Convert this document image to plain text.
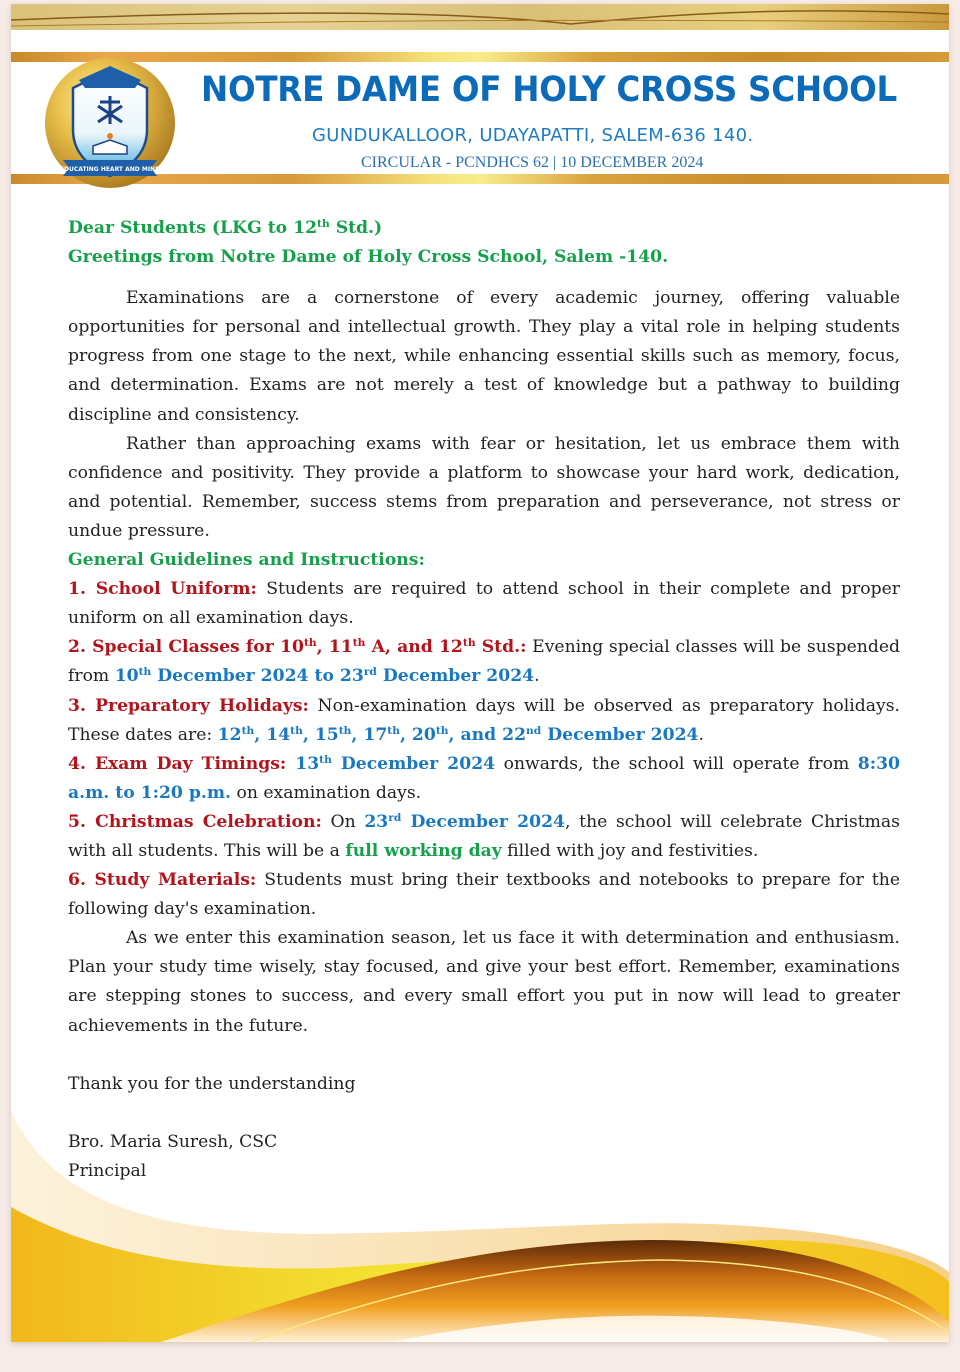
EDUCATING HEART AND MIND
NOTRE DAME OF HOLY CROSS SCHOOL
GUNDUKALLOOR, UDAYAPATTI, SALEM-636 140.
CIRCULAR - PCNDHCS 62 | 10 DECEMBER 2024

Dear Students (LKG to 12th Std.)

Greetings from Notre Dame of Holy Cross School, Salem -140.

Examinations are a cornerstone of every academic journey, offering valuable opportunities for personal and intellectual growth. They play a vital role in helping students progress from one stage to the next, while enhancing essential skills such as memory, focus, and determination. Exams are not merely a test of knowledge but a pathway to building discipline and consistency.

Rather than approaching exams with fear or hesitation, let us embrace them with confidence and positivity. They provide a platform to showcase your hard work, dedication, and potential. Remember, success stems from preparation and perseverance, not stress or undue pressure.

General Guidelines and Instructions:

1. School Uniform: Students are required to attend school in their complete and proper uniform on all examination days.

2. Special Classes for 10th, 11th A, and 12th Std.: Evening special classes will be suspended from 10th December 2024 to 23rd December 2024.

3. Preparatory Holidays: Non-examination days will be observed as preparatory holidays. These dates are: 12th, 14th, 15th, 17th, 20th, and 22nd December 2024.

4. Exam Day Timings: 13th December 2024 onwards, the school will operate from 8:30 a.m. to 1:20 p.m. on examination days.

5. Christmas Celebration: On 23rd December 2024, the school will celebrate Christmas with all students. This will be a full working day filled with joy and festivities.

6. Study Materials: Students must bring their textbooks and notebooks to prepare for the following day's examination.

As we enter this examination season, let us face it with determination and enthusiasm. Plan your study time wisely, stay focused, and give your best effort. Remember, examinations are stepping stones to success, and every small effort you put in now will lead to greater achievements in the future.

Thank you for the understanding

Bro. Maria Suresh, CSC

Principal
